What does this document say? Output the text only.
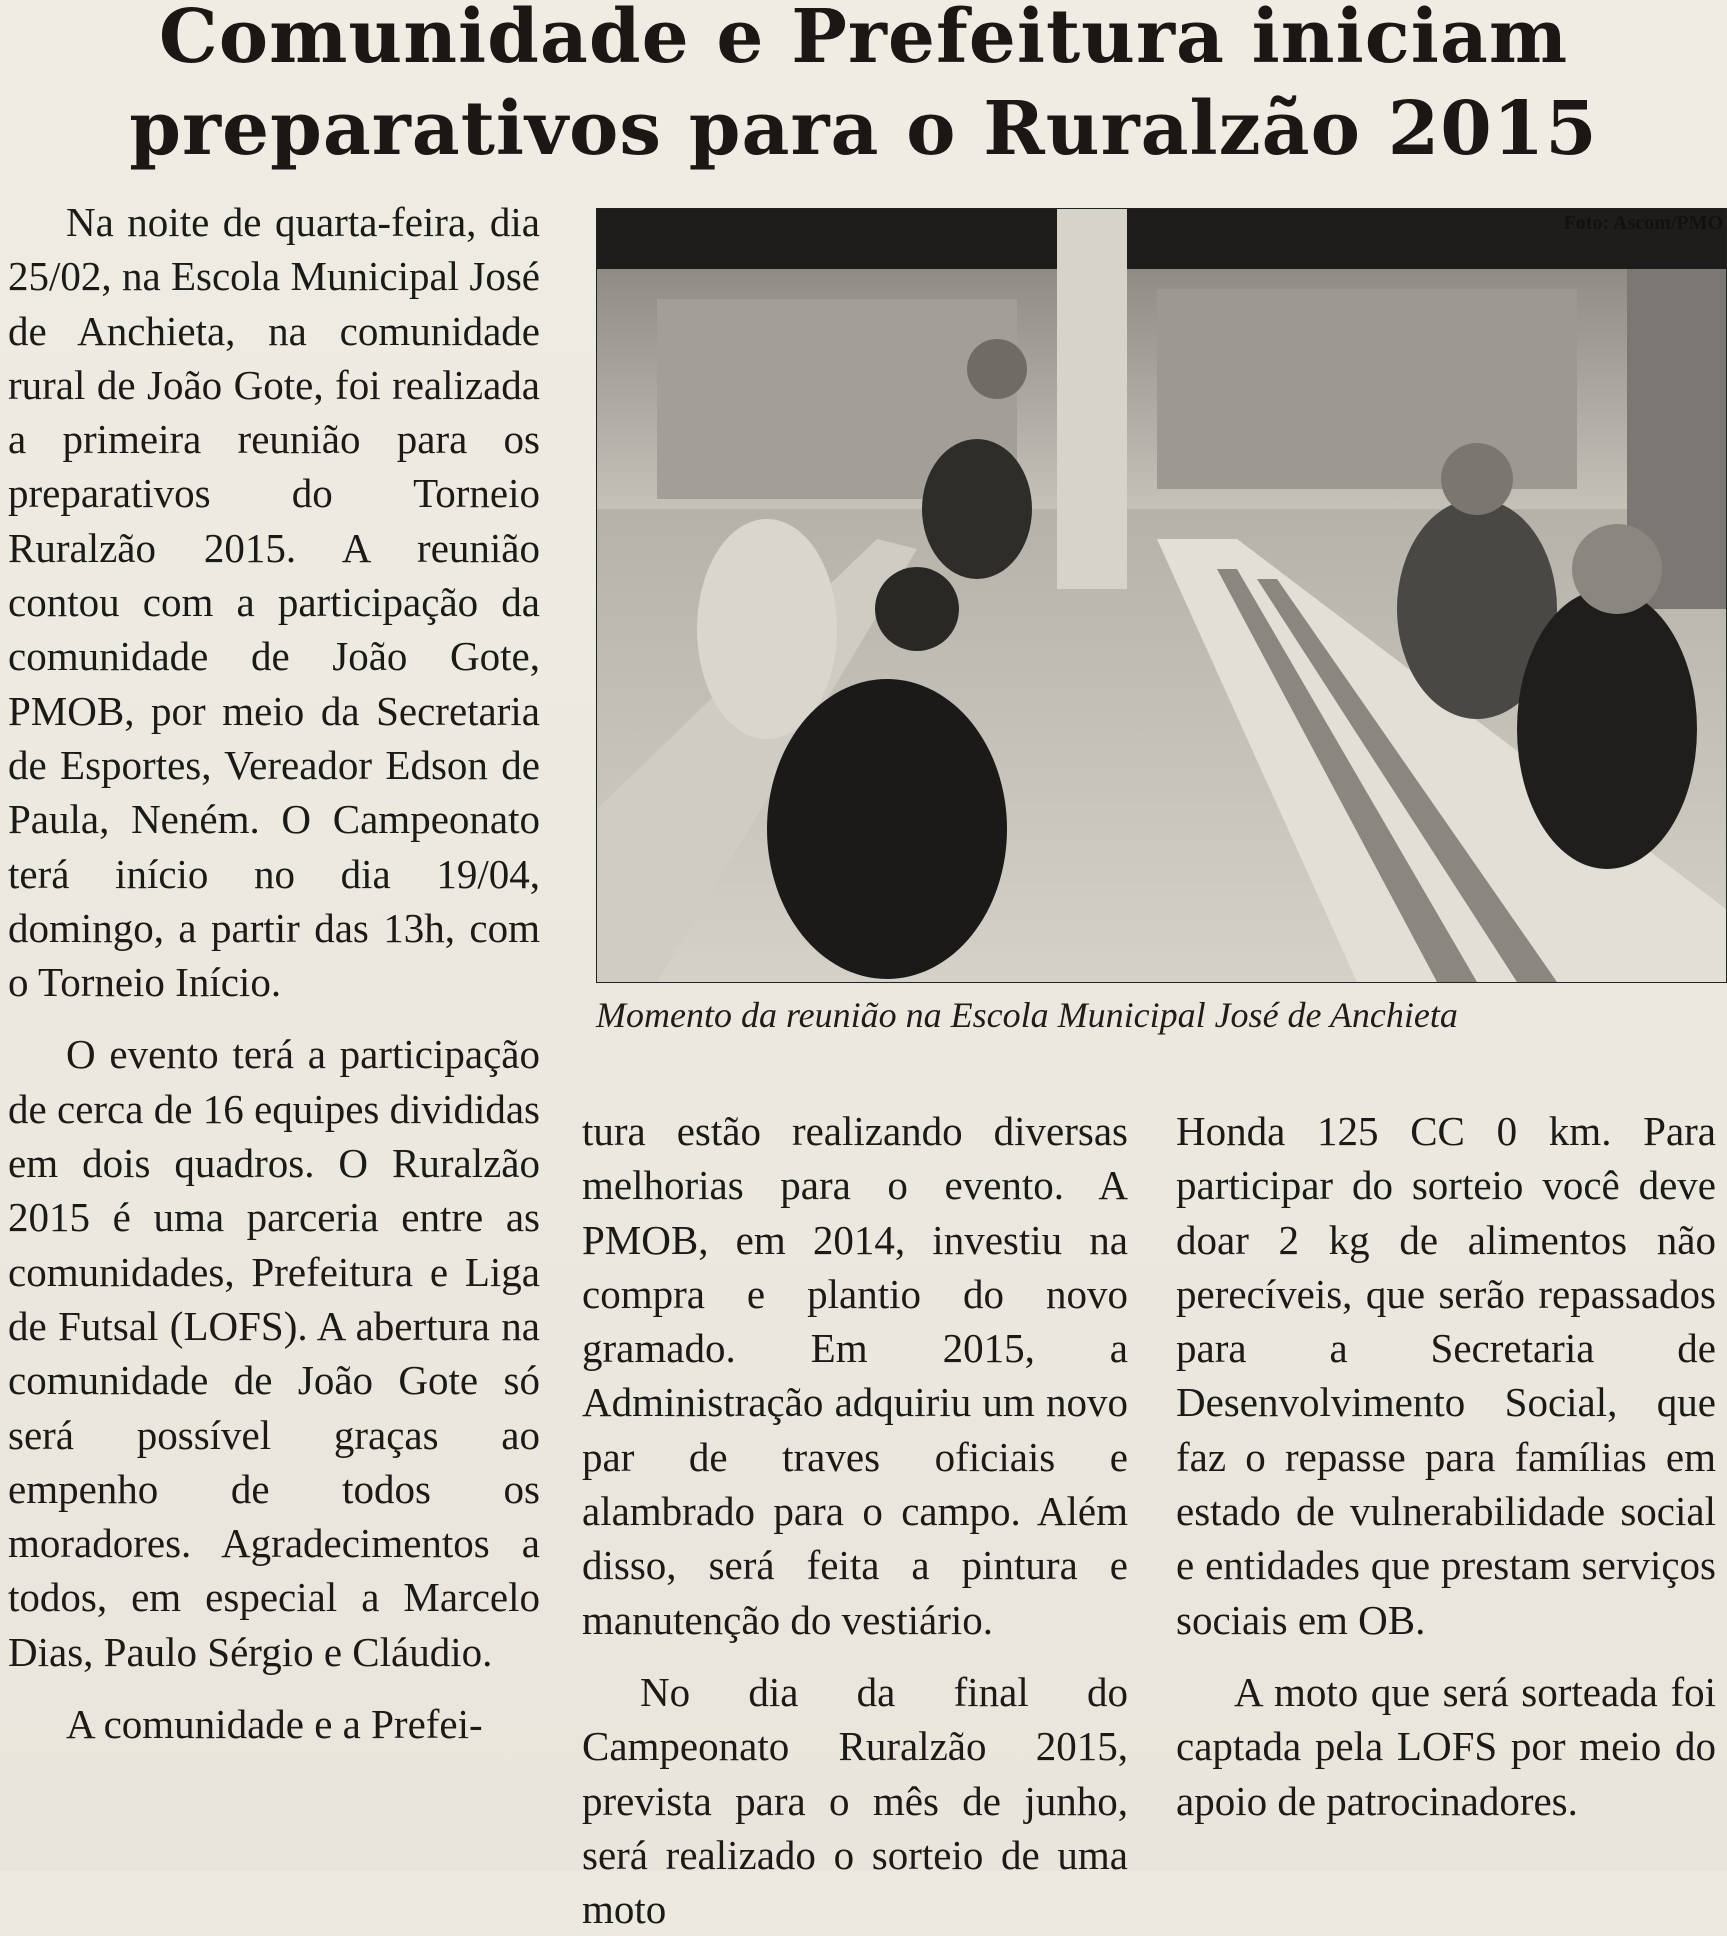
Comunidade e Prefeitura iniciam
preparativos para o Ruralzão 2015

Na noite de quarta-feira, dia 25/02, na Escola Municipal José de Anchieta, na comunidade rural de João Gote, foi realizada a primeira reunião para os preparativos do Torneio Ruralzão 2015. A reunião contou com a participação da comunidade de João Gote, PMOB, por meio da Secretaria de Esportes, Vereador Edson de Paula, Neném. O Campeonato terá início no dia 19/04, domingo, a partir das 13h, com o Torneio Início.

O evento terá a participação de cerca de 16 equipes divididas em dois quadros. O Ruralzão 2015 é uma parceria entre as comunidades, Prefeitura e Liga de Futsal (LOFS). A abertura na comunidade de João Gote só será possível graças ao empenho de todos os moradores. Agradecimentos a todos, em especial a Marcelo Dias, Paulo Sérgio e Cláudio.

A comunidade e a Prefei-

Foto: Ascom/PMO
Momento da reunião na Escola Municipal José de Anchieta

tura estão realizando diversas melhorias para o evento. A PMOB, em 2014, investiu na compra e plantio do novo gramado. Em 2015, a Administração adquiriu um novo par de traves oficiais e alambrado para o campo. Além disso, será feita a pintura e manutenção do vestiário.

No dia da final do Campeonato Ruralzão 2015, prevista para o mês de junho, será realizado o sorteio de uma moto

Honda 125 CC 0 km. Para participar do sorteio você deve doar 2 kg de alimentos não perecíveis, que serão repassados para a Secretaria de Desenvolvimento Social, que faz o repasse para famílias em estado de vulnerabilidade social e entidades que prestam serviços sociais em OB.

A moto que será sorteada foi captada pela LOFS por meio do apoio de patrocinadores.
